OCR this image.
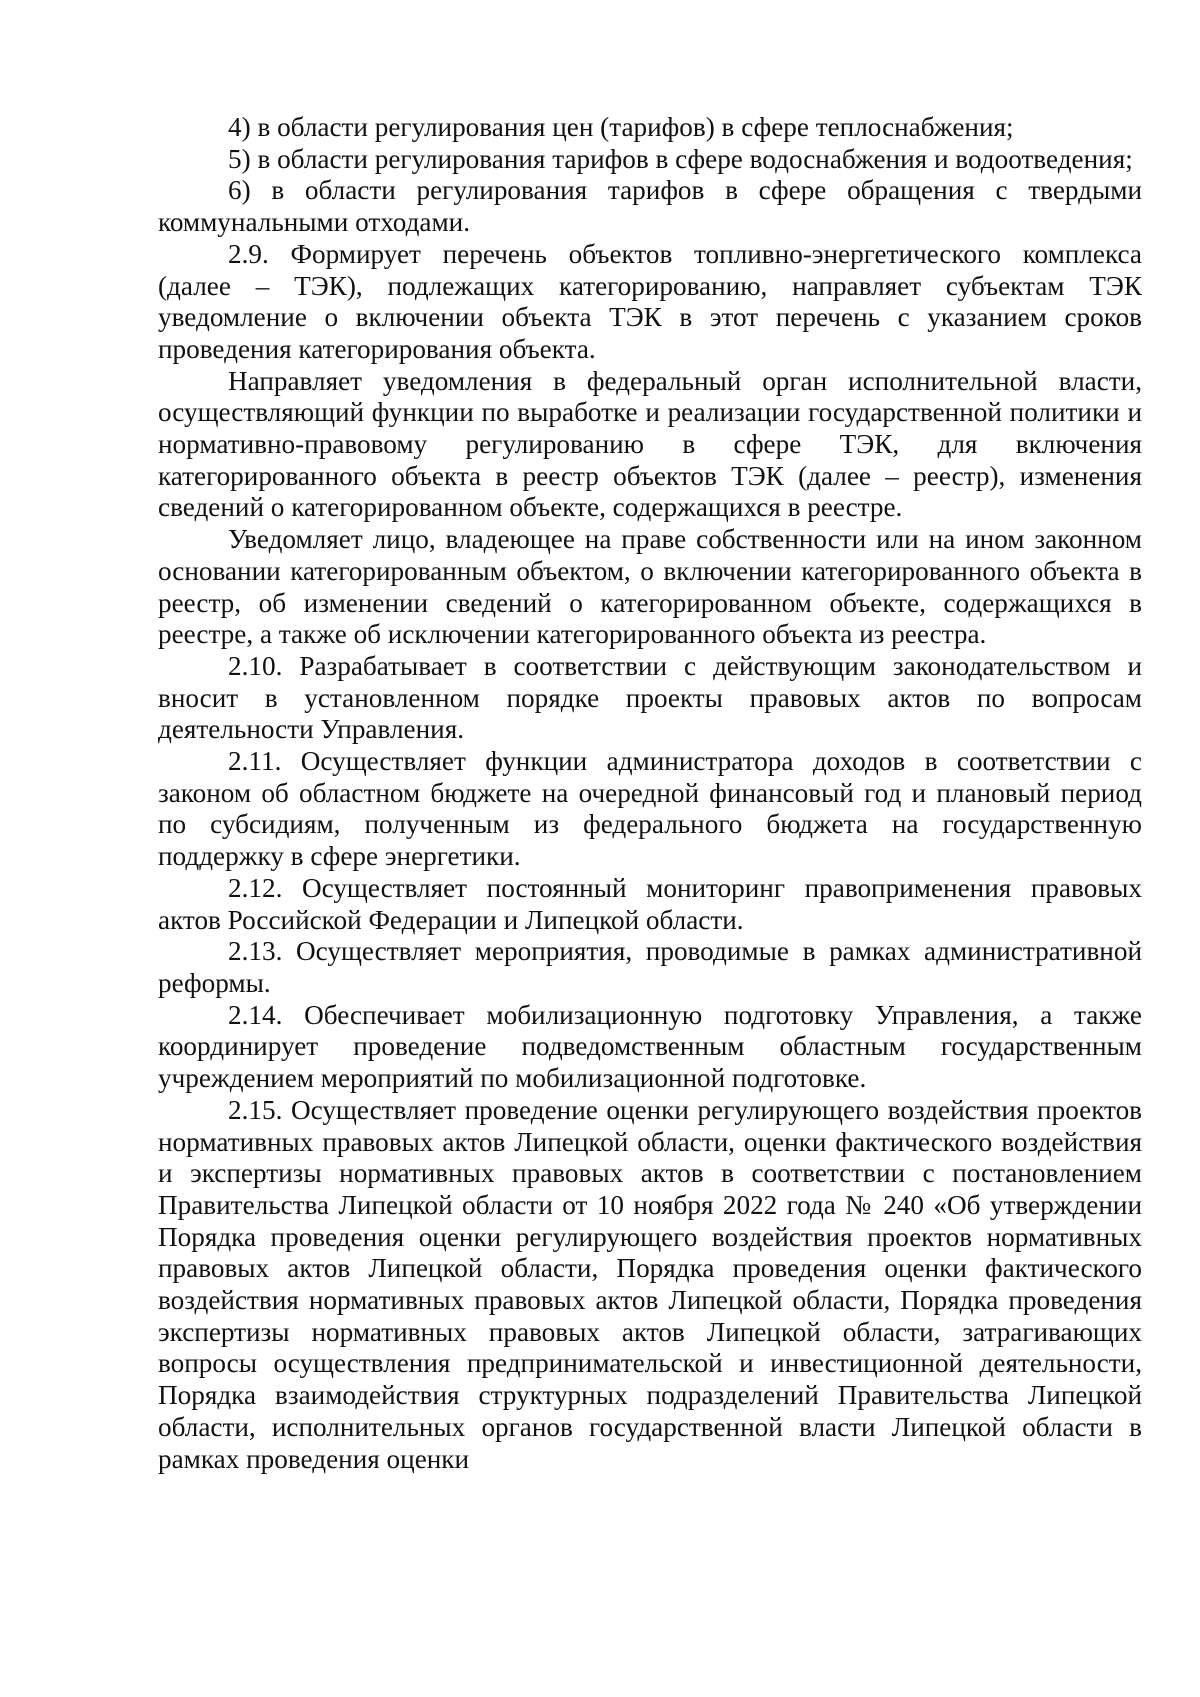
4) в области регулирования цен (тарифов) в сфере теплоснабжения;

5) в области регулирования тарифов в сфере водоснабжения и водоотведения;

6) в области регулирования тарифов в сфере обращения с твердыми коммунальными отходами.

2.9. Формирует перечень объектов топливно-энергетического комплекса (далее – ТЭК), подлежащих категорированию, направляет субъектам ТЭК уведомление о включении объекта ТЭК в этот перечень с указанием сроков проведения категорирования объекта.

Направляет уведомления в федеральный орган исполнительной власти, осуществляющий функции по выработке и реализации государственной политики и нормативно-правовому регулированию в сфере ТЭК, для включения категорированного объекта в реестр объектов ТЭК (далее – реестр), изменения сведений о категорированном объекте, содержащихся в реестре.

Уведомляет лицо, владеющее на праве собственности или на ином законном основании категорированным объектом, о включении категорированного объекта в реестр, об изменении сведений о категорированном объекте, содержащихся в реестре, а также об исключении категорированного объекта из реестра.

2.10. Разрабатывает в соответствии с действующим законодательством и вносит в установленном порядке проекты правовых актов по вопросам деятельности Управления.

2.11. Осуществляет функции администратора доходов в соответствии с законом об областном бюджете на очередной финансовый год и плановый период по субсидиям, полученным из федерального бюджета на государственную поддержку в сфере энергетики.

2.12. Осуществляет постоянный мониторинг правоприменения правовых актов Российской Федерации и Липецкой области.

2.13. Осуществляет мероприятия, проводимые в рамках административной реформы.

2.14. Обеспечивает мобилизационную подготовку Управления, а также координирует проведение подведомственным областным государственным учреждением мероприятий по мобилизационной подготовке.

2.15. Осуществляет проведение оценки регулирующего воздействия проектов нормативных правовых актов Липецкой области, оценки фактического воздействия и экспертизы нормативных правовых актов в соответствии с постановлением Правительства Липецкой области от 10 ноября 2022 года № 240 «Об утверждении Порядка проведения оценки регулирующего воздействия проектов нормативных правовых актов Липецкой области, Порядка проведения оценки фактического воздействия нормативных правовых актов Липецкой области, Порядка проведения экспертизы нормативных правовых актов Липецкой области, затрагивающих вопросы осуществления предпринимательской и инвестиционной деятельности, Порядка взаимодействия структурных подразделений Правительства Липецкой области, исполнительных органов государственной власти Липецкой области в рамках проведения оценки
